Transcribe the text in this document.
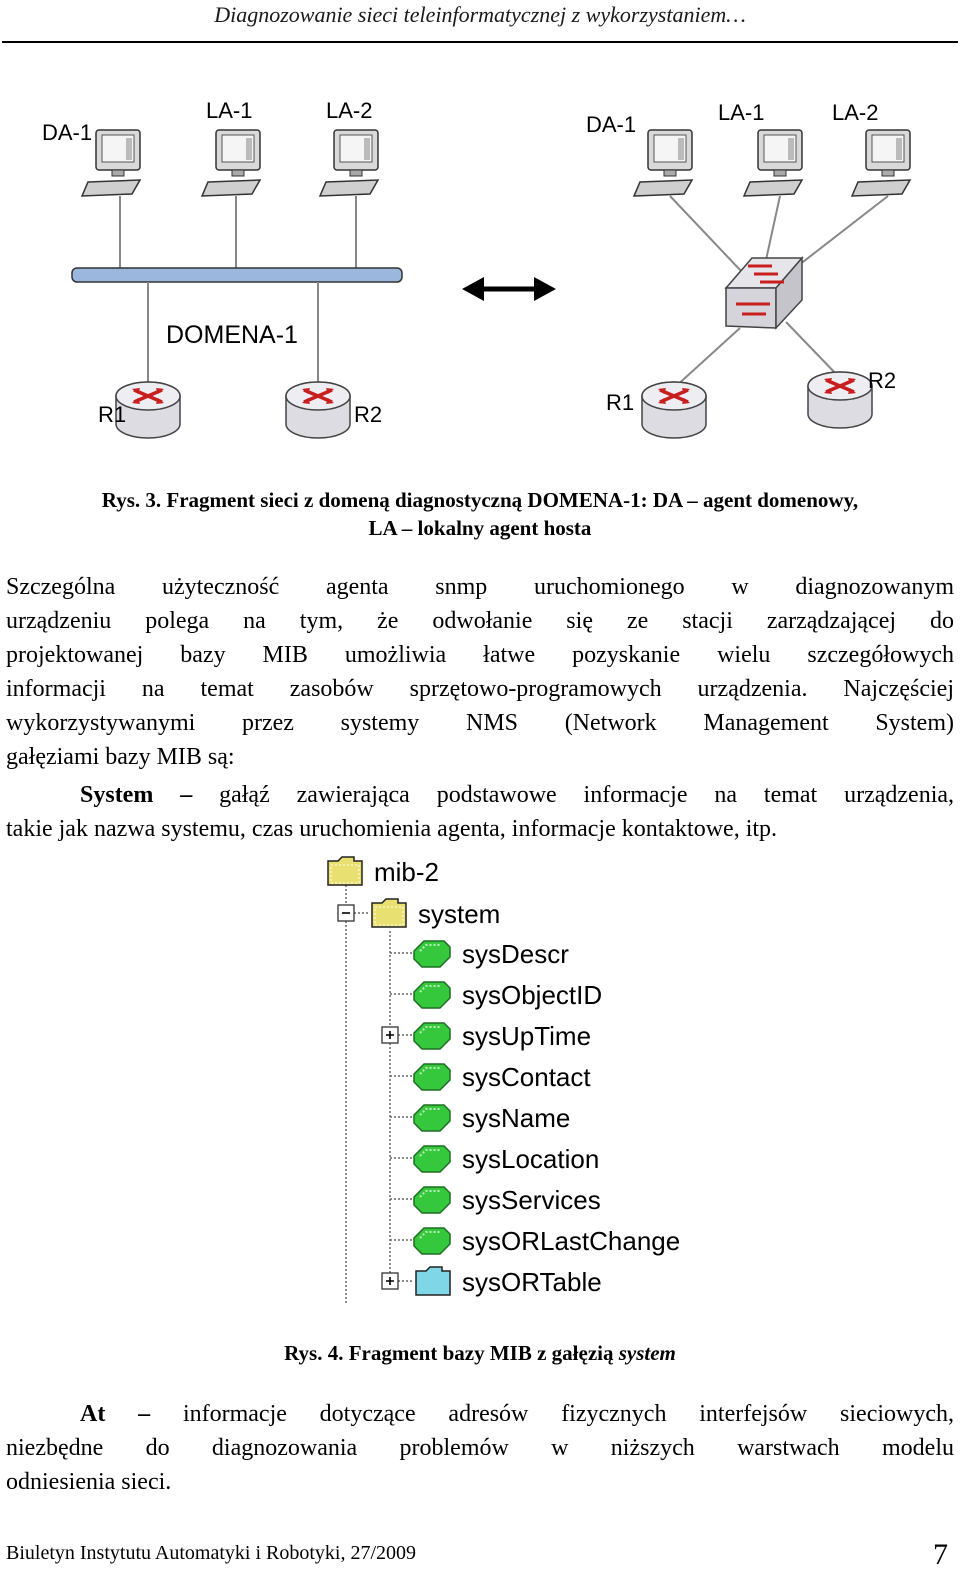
Diagnozowanie sieci teleinformatycznej z wykorzystaniem…
DA-1
LA-1	LA-2
DOMENA-1
R1	R2
DA-1	LA-1	LA-2
R1
R2
Rys. 3. Fragment sieci z domeną diagnostyczną DOMENA-1: DA – agent domenowy,
LA – lokalny agent hosta
Szczególna użyteczność agenta snmp uruchomionego w diagnozowanym
urządzeniu polega na tym, że odwołanie się ze stacji zarządzającej do
projektowanej bazy MIB umożliwia łatwe pozyskanie wielu szczegółowych
informacji na temat zasobów sprzętowo-programowych urządzenia. Najczęściej
wykorzystywanymi przez systemy NMS (Network Management System)
gałęziami bazy MIB są:
System – gałąź zawierająca podstawowe informacje na temat urządzenia,
takie jak nazwa systemu, czas uruchomienia agenta, informacje kontaktowe, itp.
mib-2
system
sysDescr
sysObjectID
sysUpTime
sysContact
sysName
sysLocation
sysServices
sysORLastChange
sysORTable
Rys. 4. Fragment bazy MIB z gałęzią system
At – informacje dotyczące adresów fizycznych interfejsów sieciowych,
niezbędne do diagnozowania problemów w niższych warstwach modelu
odniesienia sieci.
Biuletyn Instytutu Automatyki i Robotyki, 27/2009	7
